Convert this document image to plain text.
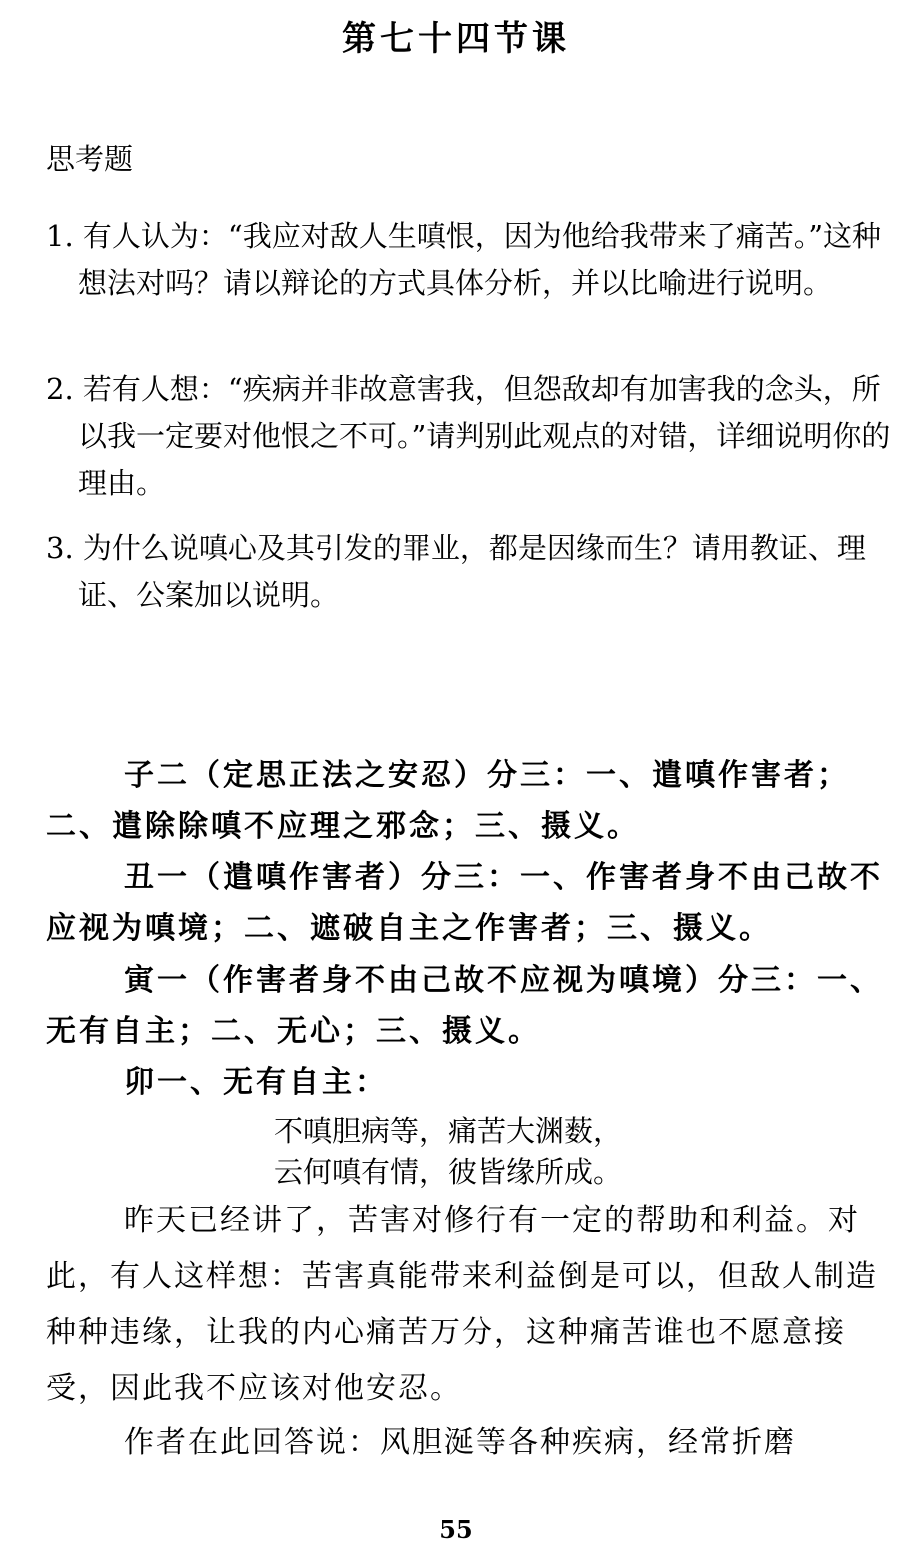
第七十四节课
思考题
1. 有人认为：“我应对敌人生嗔恨，因为他给我带来了痛苦。”这种想法对吗？请以辩论的方式具体分析，并以比喻进行说明。
2. 若有人想：“疾病并非故意害我，但怨敌却有加害我的念头，所以我一定要对他恨之不可。”请判别此观点的对错，详细说明你的理由。
3. 为什么说嗔心及其引发的罪业，都是因缘而生？请用教证、理证、公案加以说明。
子二（定思正法之安忍）分三：一、遣嗔作害者；二、遣除除嗔不应理之邪念；三、摄义。
丑一（遣嗔作害者）分三：一、作害者身不由己故不应视为嗔境；二、遮破自主之作害者；三、摄义。
寅一（作害者身不由己故不应视为嗔境）分三：一、无有自主；二、无心；三、摄义。
卯一、无有自主：
不嗔胆病等，痛苦大渊薮，
云何嗔有情，彼皆缘所成。
昨天已经讲了，苦害对修行有一定的帮助和利益。对此，有人这样想：苦害真能带来利益倒是可以，但敌人制造种种违缘，让我的内心痛苦万分，这种痛苦谁也不愿意接受，因此我不应该对他安忍。
作者在此回答说：风胆涎等各种疾病，经常折磨
55
